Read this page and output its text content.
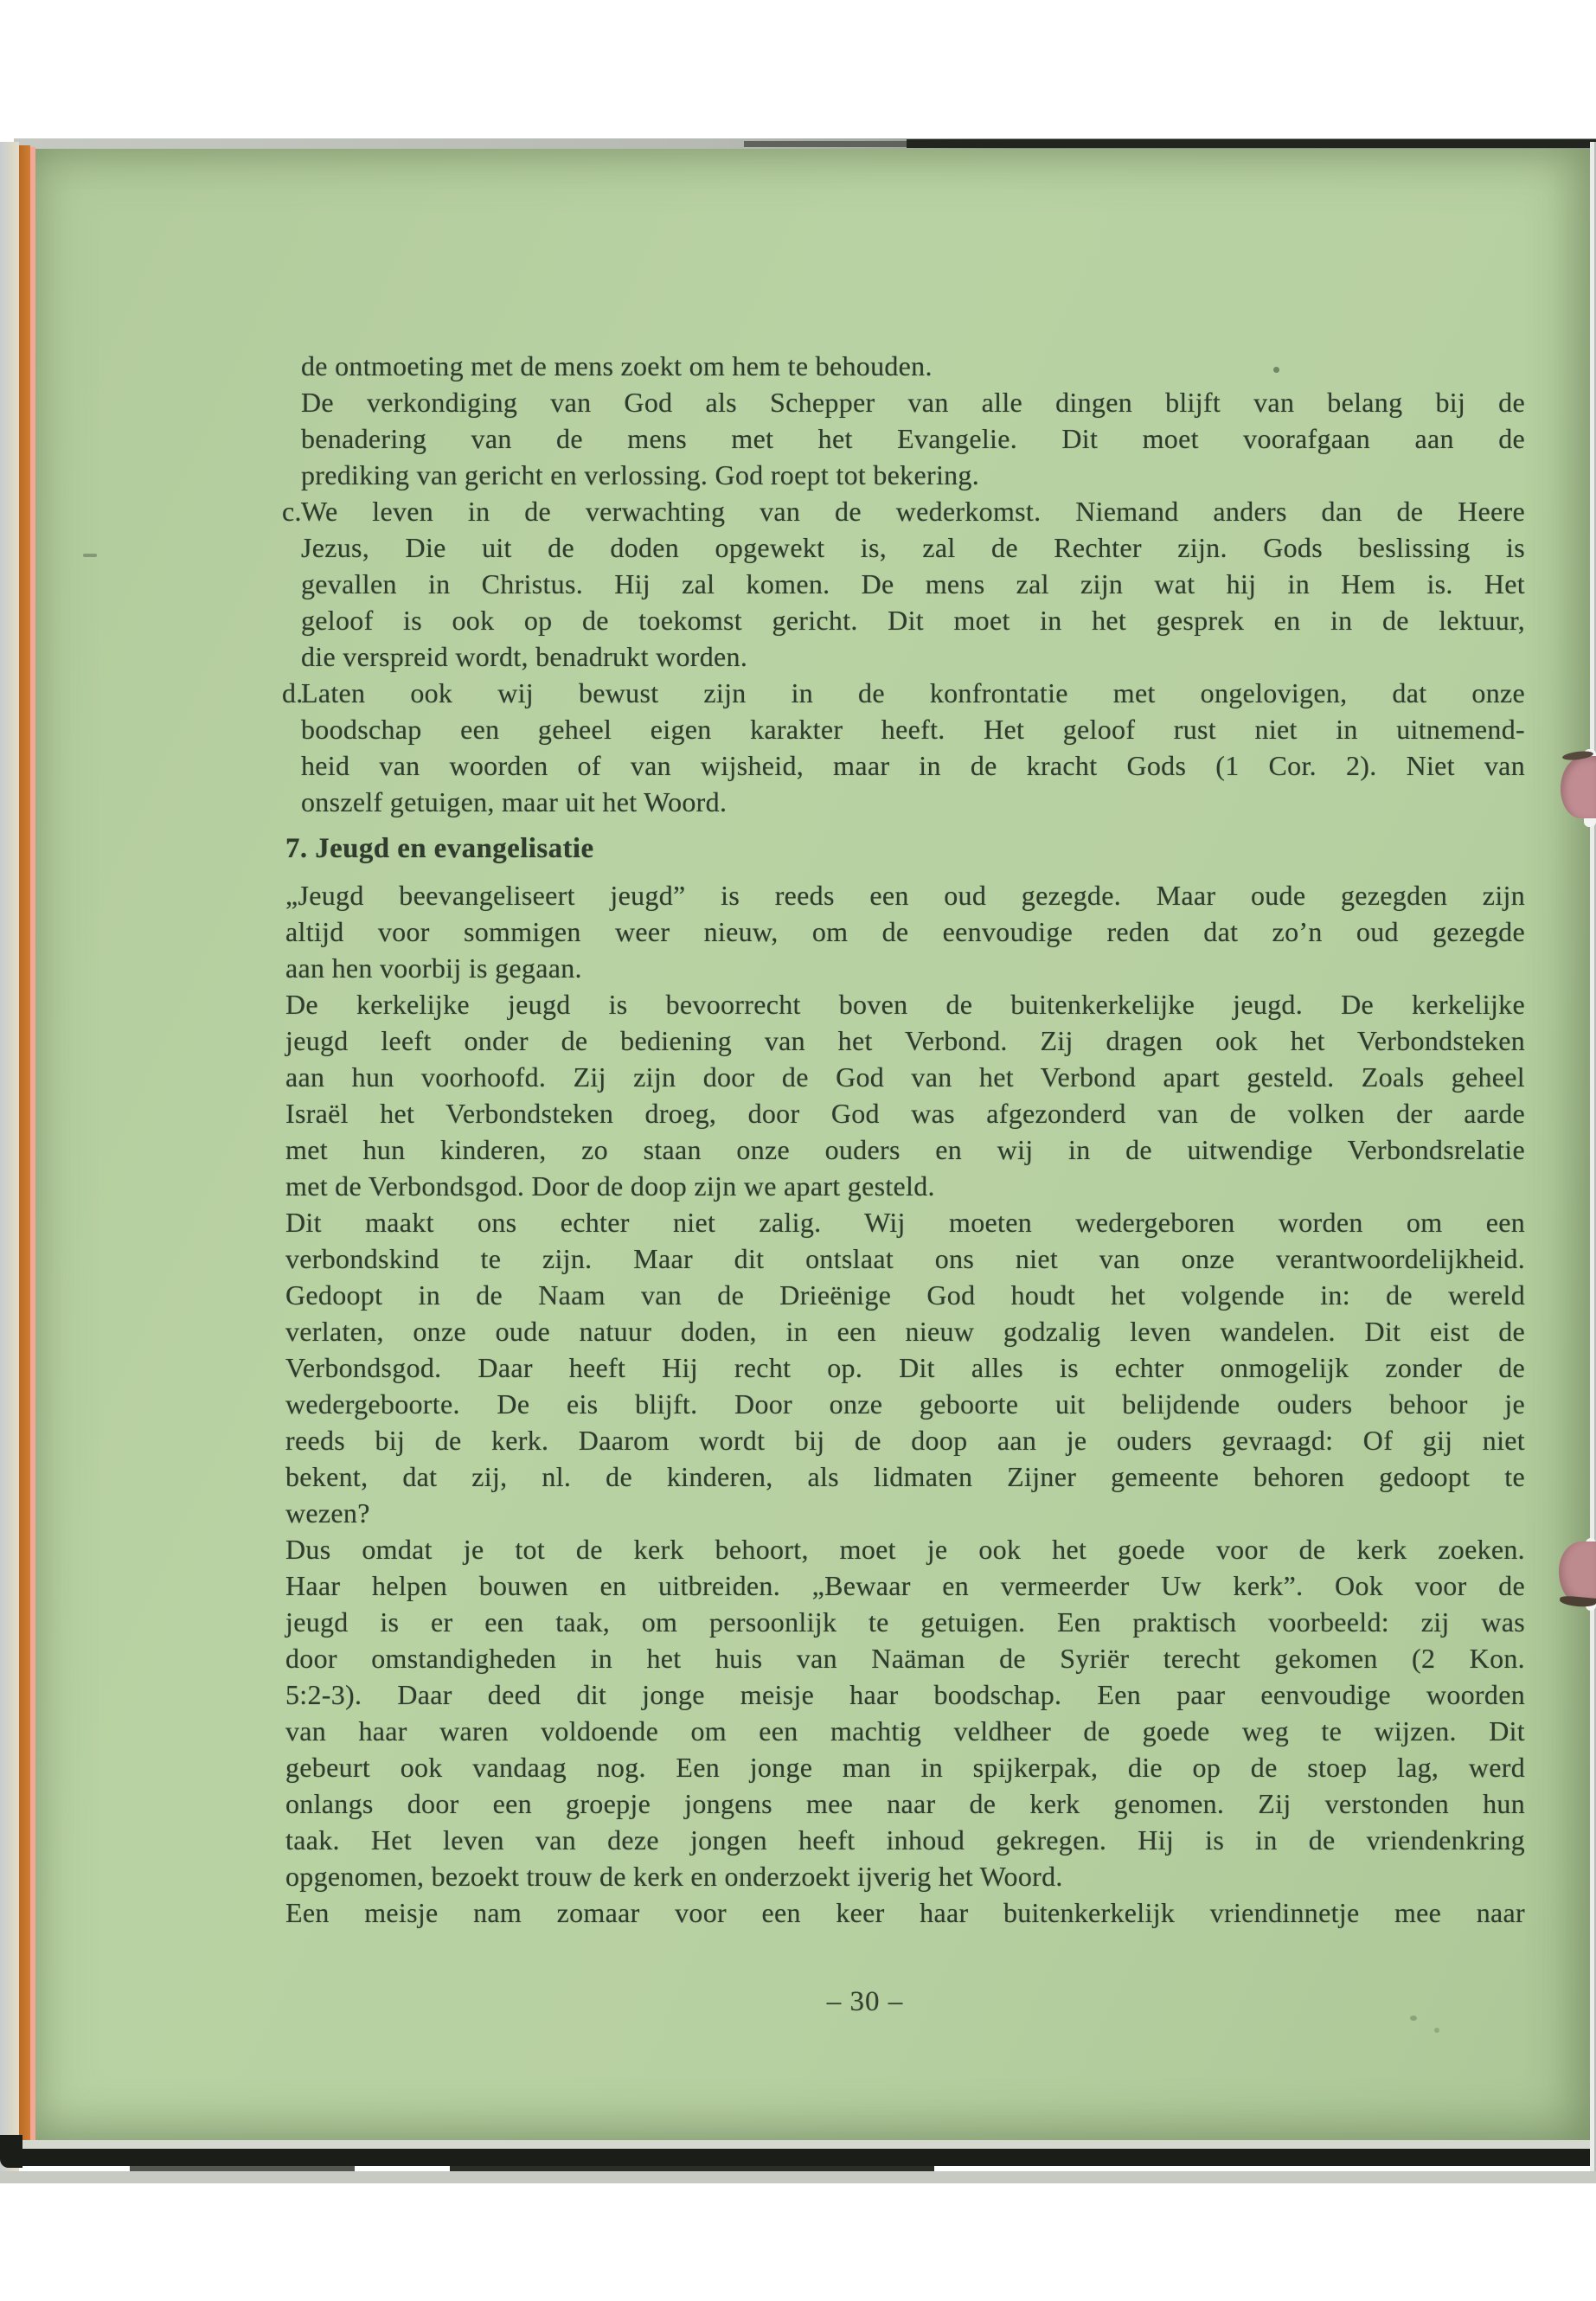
de ontmoeting met de mens zoekt om hem te behouden.
De verkondiging van God als Schepper van alle dingen blijft van belang bij de
benadering van de mens met het Evangelie. Dit moet voorafgaan aan de
prediking van gericht en verlossing. God roept tot bekering.
c. We leven in de verwachting van de wederkomst. Niemand anders dan de Heere
Jezus, Die uit de doden opgewekt is, zal de Rechter zijn. Gods beslissing is
gevallen in Christus. Hij zal komen. De mens zal zijn wat hij in Hem is. Het
geloof is ook op de toekomst gericht. Dit moet in het gesprek en in de lektuur,
die verspreid wordt, benadrukt worden.
d.
Laten ook wij bewust zijn in de konfrontatie met ongelovigen, dat onze
boodschap een geheel eigen karakter heeft. Het geloof rust niet in uitnemend-
heid van woorden of van wijsheid, maar in de kracht Gods (1 Cor. 2). Niet van
onszelf getuigen, maar uit het Woord.
7. Jeugd en evangelisatie
„Jeugd beevangeliseert jeugd” is reeds een oud gezegde. Maar oude gezegden zijn
altijd voor sommigen weer nieuw, om de eenvoudige reden dat zo’n oud gezegde
aan hen voorbij is gegaan.
De kerkelijke jeugd is bevoorrecht boven de buitenkerkelijke jeugd. De kerkelijke
jeugd leeft onder de bediening van het Verbond. Zij dragen ook het Verbondsteken
aan hun voorhoofd. Zij zijn door de God van het Verbond apart gesteld. Zoals geheel
Israël het Verbondsteken droeg, door God was afgezonderd van de volken der aarde
met hun kinderen, zo staan onze ouders en wij in de uitwendige Verbondsrelatie
met de Verbondsgod. Door de doop zijn we apart gesteld.
Dit maakt ons echter niet zalig. Wij moeten wedergeboren worden om een
verbondskind te zijn. Maar dit ontslaat ons niet van onze verantwoordelijkheid.
Gedoopt in de Naam van de Drieënige God houdt het volgende in: de wereld
verlaten, onze oude natuur doden, in een nieuw godzalig leven wandelen. Dit eist de
Verbondsgod. Daar heeft Hij recht op. Dit alles is echter onmogelijk zonder de
wedergeboorte. De eis blijft. Door onze geboorte uit belijdende ouders behoor je
reeds bij de kerk. Daarom wordt bij de doop aan je ouders gevraagd: Of gij niet
bekent, dat zij, nl. de kinderen, als lidmaten Zijner gemeente behoren gedoopt te
wezen?
Dus omdat je tot de kerk behoort, moet je ook het goede voor de kerk zoeken.
Haar helpen bouwen en uitbreiden. „Bewaar en vermeerder Uw kerk”. Ook voor de
jeugd is er een taak, om persoonlijk te getuigen. Een praktisch voorbeeld: zij was
door omstandigheden in het huis van Naäman de Syriër terecht gekomen (2 Kon.
5:2-3). Daar deed dit jonge meisje haar boodschap. Een paar eenvoudige woorden
van haar waren voldoende om een machtig veldheer de goede weg te wijzen. Dit
gebeurt ook vandaag nog. Een jonge man in spijkerpak, die op de stoep lag, werd
onlangs door een groepje jongens mee naar de kerk genomen. Zij verstonden hun
taak. Het leven van deze jongen heeft inhoud gekregen. Hij is in de vriendenkring
opgenomen, bezoekt trouw de kerk en onderzoekt ijverig het Woord.
Een meisje nam zomaar voor een keer haar buitenkerkelijk vriendinnetje mee naar
– 30 –
